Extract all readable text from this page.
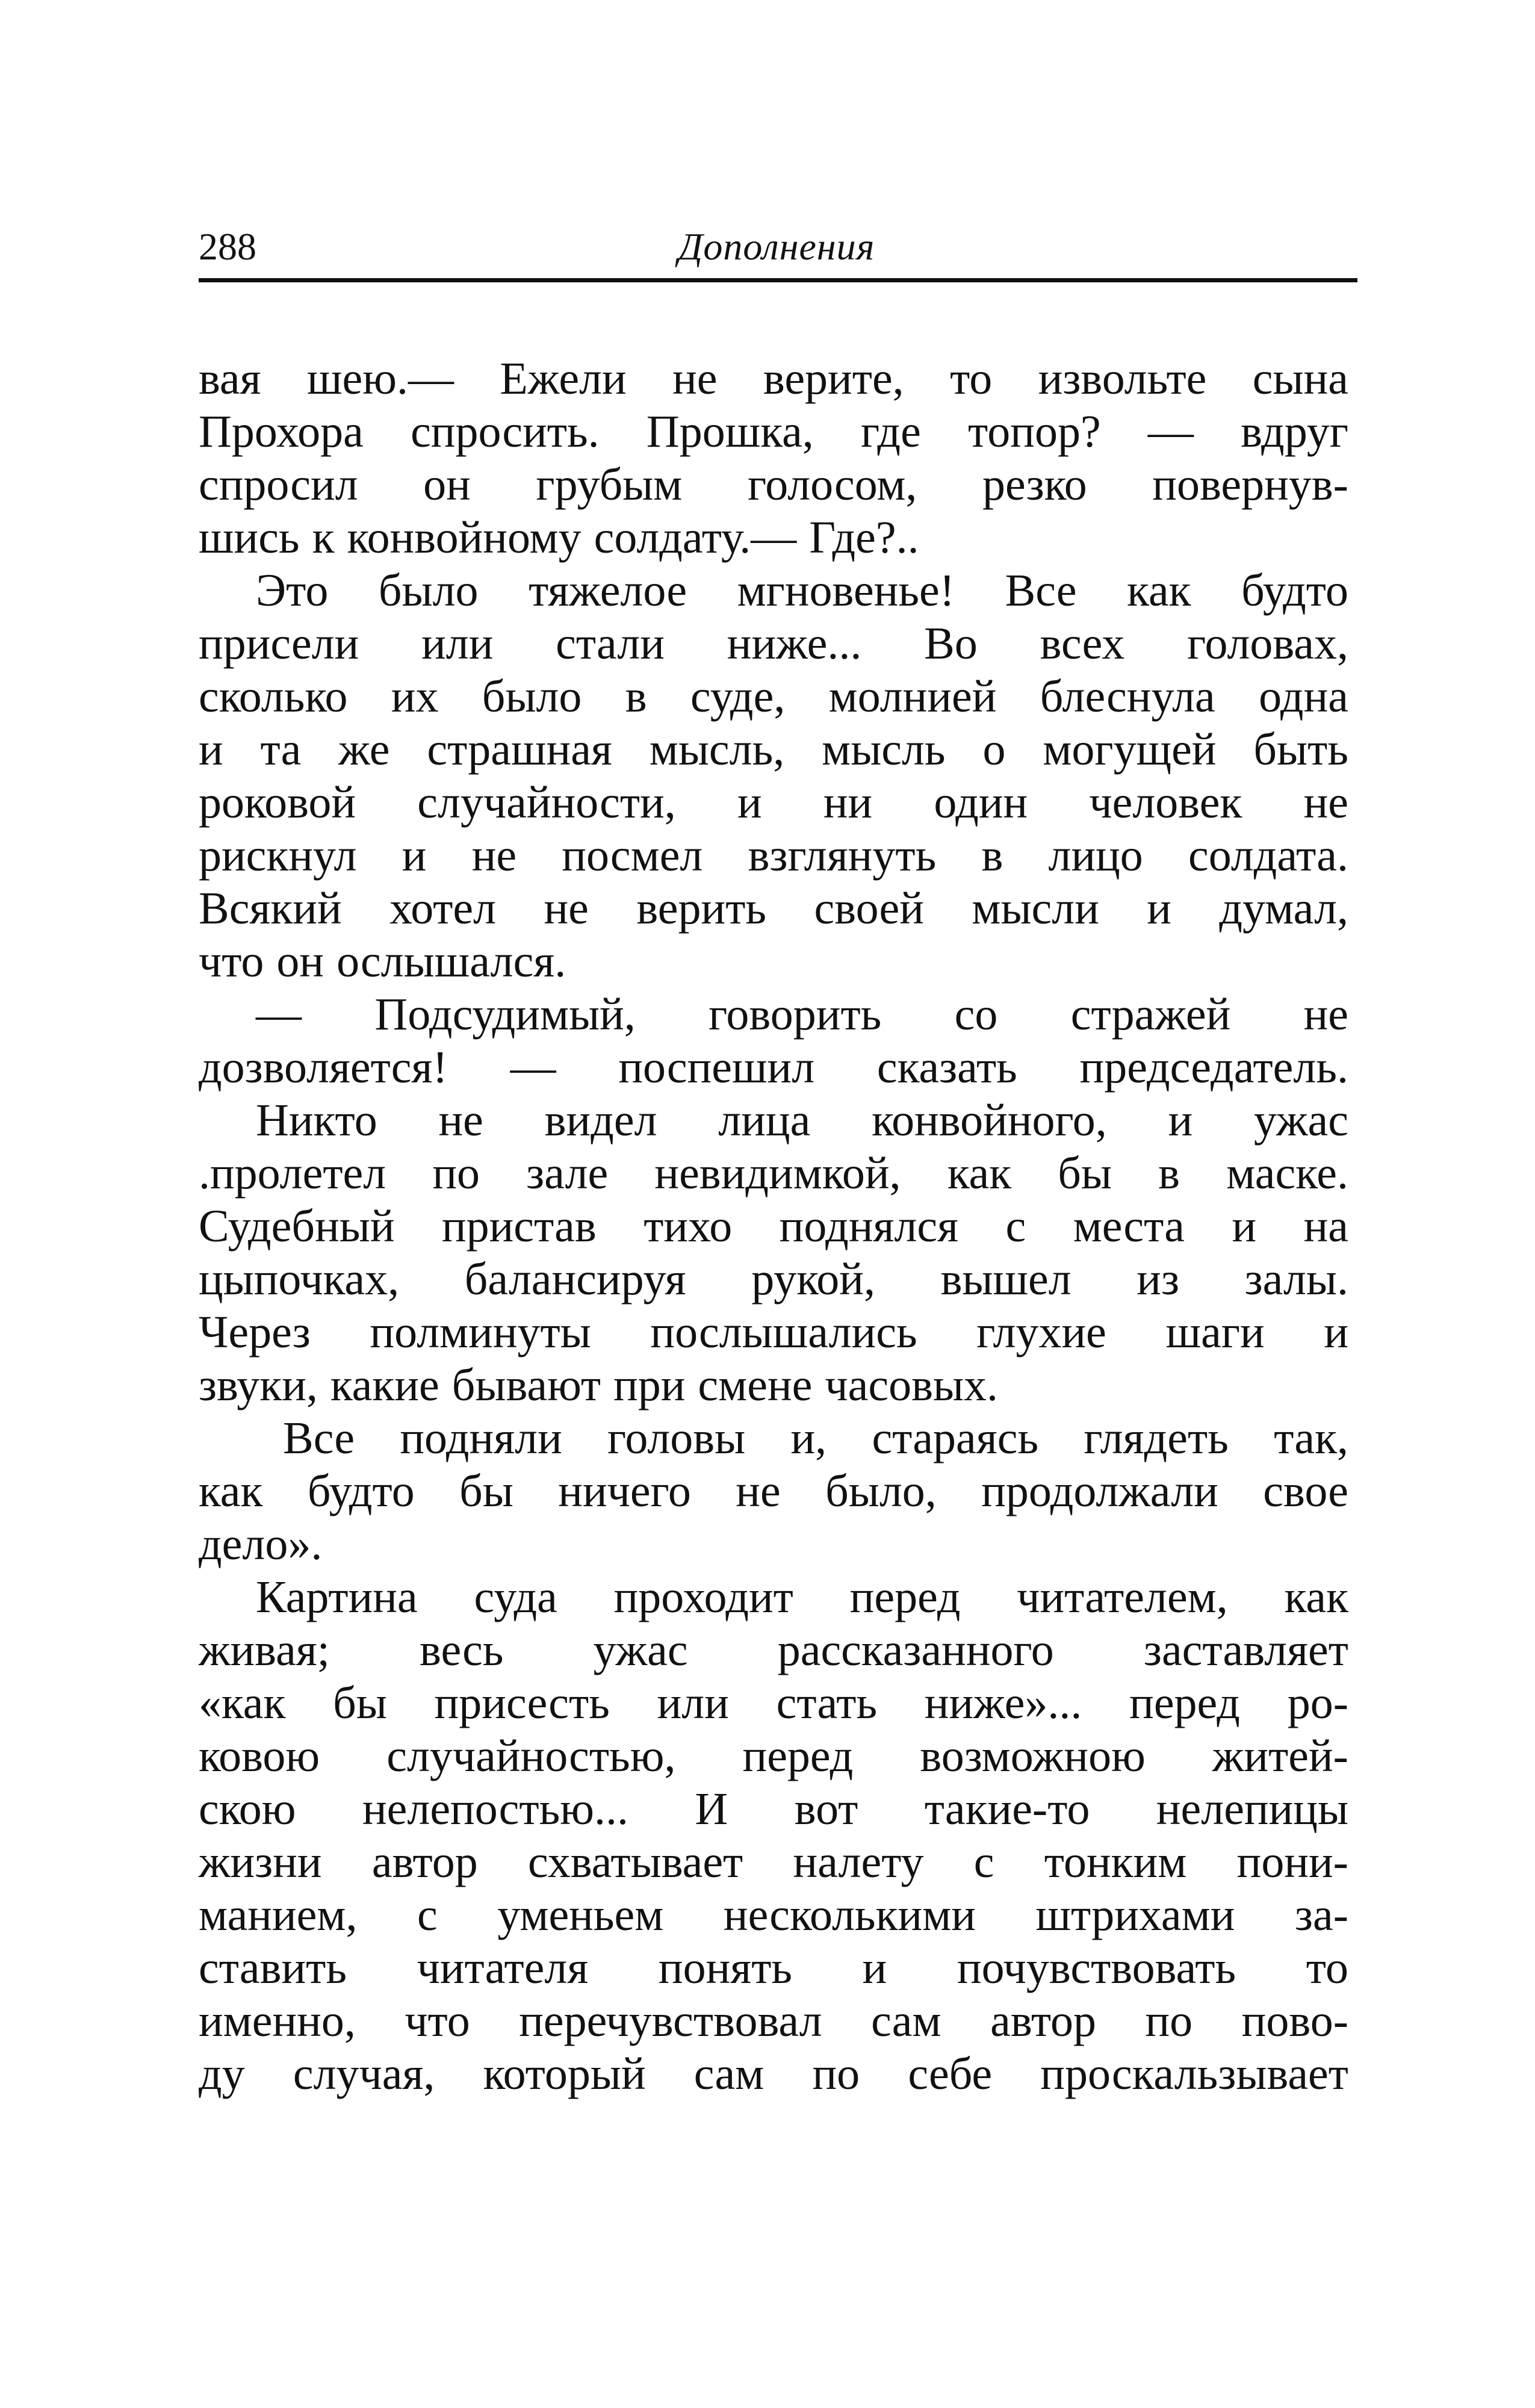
288	Дополнения
вая шею.— Ежели не верите, то извольте сына
Прохора спросить. Прошка, где топор? — вдруг
спросил он грубым голосом, резко повернув-
шись к конвойному солдату.— Где?..
Это было тяжелое мгновенье! Все как будто
присели или стали ниже... Во всех головах,
сколько их было в суде, молнией блеснула одна
и та же страшная мысль, мысль о могущей быть
роковой случайности, и ни один человек не
рискнул и не посмел взглянуть в лицо солдата.
Всякий хотел не верить своей мысли и думал,
что он ослышался.
— Подсудимый, говорить со стражей не
дозволяется! — поспешил сказать председатель.
Никто не видел лица конвойного, и ужас
.пролетел по зале невидимкой, как бы в маске.
Судебный пристав тихо поднялся с места и на
цыпочках, балансируя рукой, вышел из залы.
Через полминуты послышались глухие шаги и
звуки, какие бывают при смене часовых.
Все подняли головы и, стараясь глядеть так,
как будто бы ничего не было, продолжали свое
дело».
Картина суда проходит перед читателем, как
живая; весь ужас рассказанного заставляет
«как бы присесть или стать ниже»... перед ро-
ковою случайностью, перед возможною житей-
скою нелепостью... И вот такие-то нелепицы
жизни автор схватывает налету с тонким пони-
манием, с уменьем несколькими штрихами за-
ставить читателя понять и почувствовать то
именно, что перечувствовал сам автор по пово-
ду случая, который сам по себе проскальзывает
